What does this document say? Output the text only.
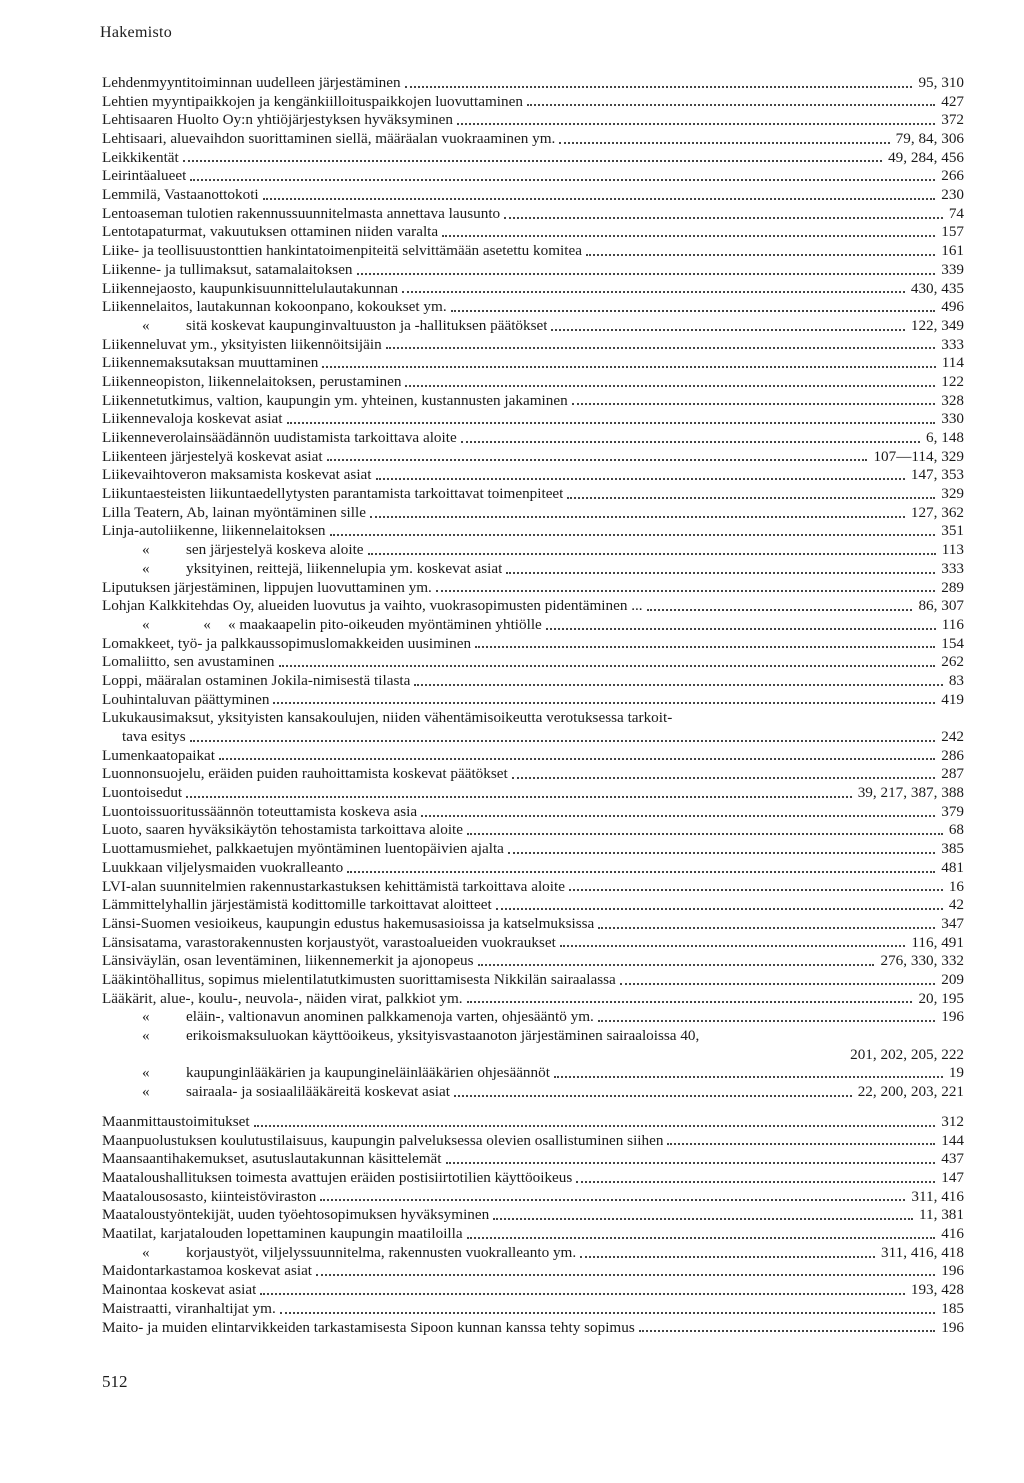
Hakemisto
Lehdenmyyntitoiminnan uudelleen järjestäminen	95, 310
Lehtien myyntipaikkojen ja kengänkiilloituspaikkojen luovuttaminen	427
Lehtisaaren Huolto Oy:n yhtiöjärjestyksen hyväksyminen	372
Lehtisaari, aluevaihdon suorittaminen siellä, määräalan vuokraaminen ym.	79, 84, 306
Leikkikentät	49, 284, 456
Leirintäalueet	266
Lemmilä, Vastaanottokoti	230
Lentoaseman tulotien rakennussuunnitelmasta annettava lausunto	74
Lentotapaturmat, vakuutuksen ottaminen niiden varalta	157
Liike- ja teollisuustonttien hankintatoimenpiteitä selvittämään asetettu komitea	161
Liikenne- ja tullimaksut, satamalaitoksen	339
Liikennejaosto, kaupunkisuunnittelulautakunnan	430, 435
Liikennelaitos, lautakunnan kokoonpano, kokoukset ym.	496
« sitä koskevat kaupunginvaltuuston ja -hallituksen päätökset	122, 349
Liikenneluvat ym., yksityisten liikennöitsijäin	333
Liikennemaksutaksan muuttaminen	114
Liikenneopiston, liikennelaitoksen, perustaminen	122
Liikennetutkimus, valtion, kaupungin ym. yhteinen, kustannusten jakaminen	328
Liikennevaloja koskevat asiat	330
Liikenneverolainsäädännön uudistamista tarkoittava aloite	6, 148
Liikenteen järjestelyä koskevat asiat	107—114, 329
Liikevaihtoveron maksamista koskevat asiat	147, 353
Liikuntaesteisten liikuntaedellytysten parantamista tarkoittavat toimenpiteet	329
Lilla Teatern, Ab, lainan myöntäminen sille	127, 362
Linja-autoliikenne, liikennelaitoksen	351
« sen järjestelyä koskeva aloite	113
« yksityinen, reittejä, liikennelupia ym. koskevat asiat	333
Liputuksen järjestäminen, lippujen luovuttaminen ym.	289
Lohjan Kalkkitehdas Oy, alueiden luovutus ja vaihto, vuokrasopimusten pidentäminen ...	86, 307
«	« « maakaapelin pito-oikeuden myöntäminen yhtiölle	116
Lomakkeet, työ- ja palkkaussopimuslomakkeiden uusiminen	154
Lomaliitto, sen avustaminen	262
Loppi, määralan ostaminen Jokila-nimisestä tilasta	83
Louhintaluvan päättyminen	419
Lukukausimaksut, yksityisten kansakoulujen, niiden vähentämisoikeutta verotuksessa tarkoit-
tava esitys	242
Lumenkaatopaikat	286
Luonnonsuojelu, eräiden puiden rauhoittamista koskevat päätökset	287
Luontoisedut	39, 217, 387, 388
Luontoissuoritussäännön toteuttamista koskeva asia	379
Luoto, saaren hyväksikäytön tehostamista tarkoittava aloite	68
Luottamusmiehet, palkkaetujen myöntäminen luentopäivien ajalta	385
Luukkaan viljelysmaiden vuokralleanto	481
LVI-alan suunnitelmien rakennustarkastuksen kehittämistä tarkoittava aloite	16
Lämmittelyhallin järjestämistä kodittomille tarkoittavat aloitteet	42
Länsi-Suomen vesioikeus, kaupungin edustus hakemusasioissa ja katselmuksissa	347
Länsisatama, varastorakennusten korjaustyöt, varastoalueiden vuokraukset	116, 491
Länsiväylän, osan leventäminen, liikennemerkit ja ajonopeus	276, 330, 332
Lääkintöhallitus, sopimus mielentilatutkimusten suorittamisesta Nikkilän sairaalassa	209
Lääkärit, alue-, koulu-, neuvola-, näiden virat, palkkiot ym.	20, 195
« eläin-, valtionavun anominen palkkamenoja varten, ohjesääntö ym.	196
« erikoismaksuluokan käyttöoikeus, yksityisvastaanoton järjestäminen sairaaloissa 40,
201, 202, 205, 222
« kaupunginlääkärien ja kaupungineläinlääkärien ohjesäännöt	19
« sairaala- ja sosiaalilääkäreitä koskevat asiat	22, 200, 203, 221
Maanmittaustoimitukset	312
Maanpuolustuksen koulutustilaisuus, kaupungin palveluksessa olevien osallistuminen siihen	144
Maansaantihakemukset, asutuslautakunnan käsittelemät	437
Maataloushallituksen toimesta avattujen eräiden postisiirtotilien käyttöoikeus	147
Maatalousosasto, kiinteistöviraston	311, 416
Maataloustyöntekijät, uuden työehtosopimuksen hyväksyminen	11, 381
Maatilat, karjatalouden lopettaminen kaupungin maatiloilla	416
« korjaustyöt, viljelyssuunnitelma, rakennusten vuokralleanto ym.	311, 416, 418
Maidontarkastamoa koskevat asiat	196
Mainontaa koskevat asiat	193, 428
Maistraatti, viranhaltijat ym.	185
Maito- ja muiden elintarvikkeiden tarkastamisesta Sipoon kunnan kanssa tehty sopimus	196
512
